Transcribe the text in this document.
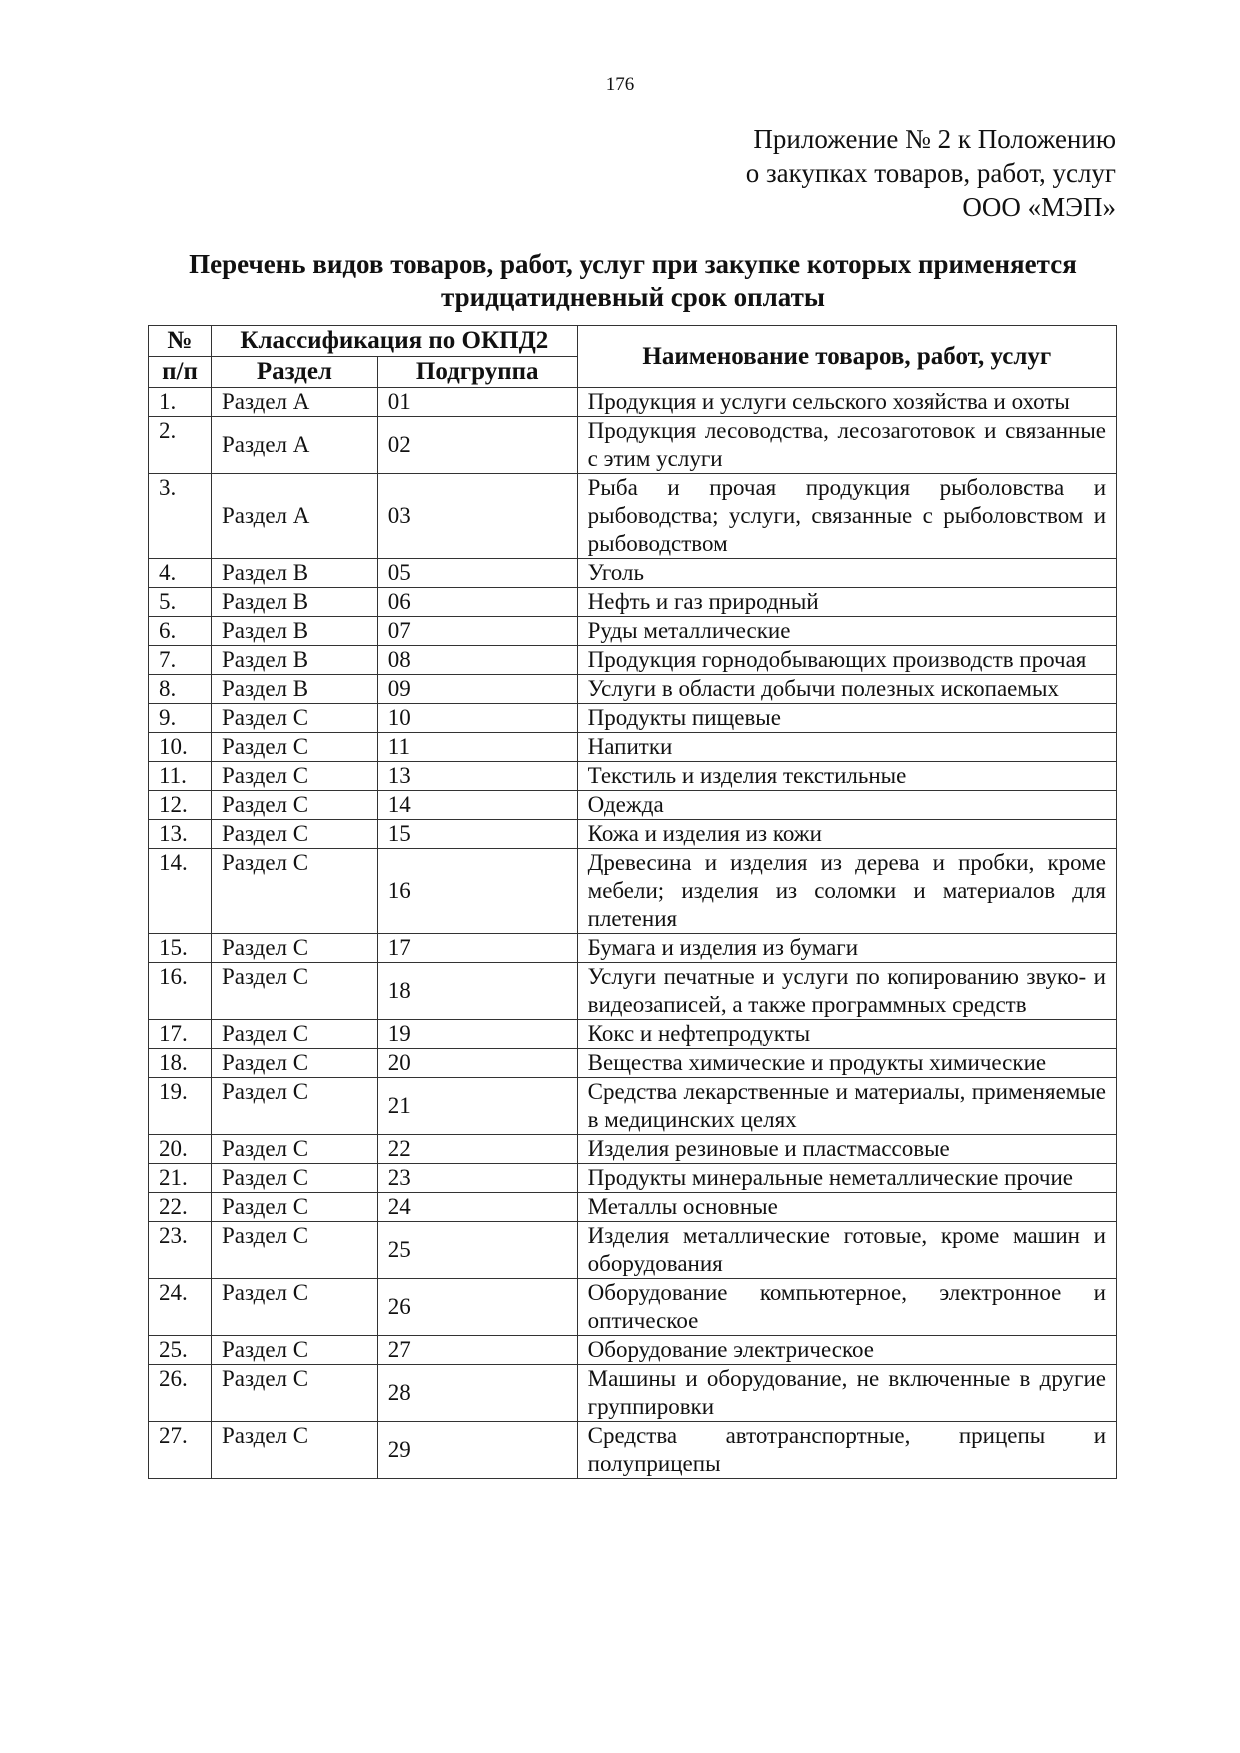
176
Приложение № 2 к Положению
о закупках товаров, работ, услуг
ООО «МЭП»
Перечень видов товаров, работ, услуг при закупке которых применяется
тридцатидневный срок оплаты
№	Классификация по ОКПД2		Наименование товаров, работ, услуг
п/п	Раздел	Подгруппа	
1.	Раздел А	01	Продукция и услуги сельского хозяйства и охоты
2.	Раздел А	02	Продукция лесоводства, лесозаготовок и связанные с этим услуги
3.	Раздел А	03	Рыба и прочая продукция рыболовства и рыбоводства; услуги, связанные с рыболовством и рыбоводством
4.	Раздел B	05	Уголь
5.	Раздел B	06	Нефть и газ природный
6.	Раздел B	07	Руды металлические
7.	Раздел B	08	Продукция горнодобывающих производств прочая
8.	Раздел B	09	Услуги в области добычи полезных ископаемых
9.	Раздел C	10	Продукты пищевые
10.	Раздел C	11	Напитки
11.	Раздел C	13	Текстиль и изделия текстильные
12.	Раздел C	14	Одежда
13.	Раздел C	15	Кожа и изделия из кожи
14.	Раздел C	16	Древесина и изделия из дерева и пробки, кроме мебели; изделия из соломки и материалов для плетения
15.	Раздел C	17	Бумага и изделия из бумаги
16.	Раздел C	18	Услуги печатные и услуги по копированию звуко- и видеозаписей, а также программных средств
17.	Раздел C	19	Кокс и нефтепродукты
18.	Раздел C	20	Вещества химические и продукты химические
19.	Раздел C	21	Средства лекарственные и материалы, применяемые в медицинских целях
20.	Раздел C	22	Изделия резиновые и пластмассовые
21.	Раздел C	23	Продукты минеральные неметаллические прочие
22.	Раздел C	24	Металлы основные
23.	Раздел C	25	Изделия металлические готовые, кроме машин и оборудования
24.	Раздел C	26	Оборудование компьютерное, электронное и оптическое
25.	Раздел C	27	Оборудование электрическое
26.	Раздел C	28	Машины и оборудование, не включенные в другие группировки
27.	Раздел C	29	Средства автотранспортные, прицепы и полуприцепы
